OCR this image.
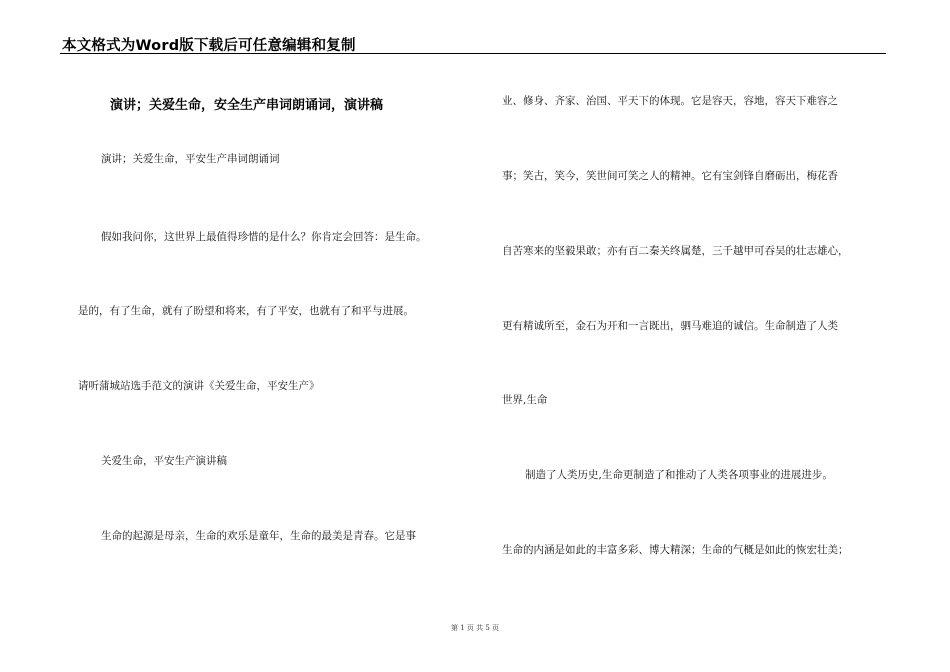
本文格式为Word版下载后可任意编辑和复制
演讲；关爱生命，安全生产串词朗诵词，演讲稿
演讲；关爱生命，平安生产串词朗诵词
假如我问你，这世界上最值得珍惜的是什么？你肯定会回答：是生命。
是的，有了生命，就有了盼望和将来，有了平安，也就有了和平与进展。
请听蒲城站选手范文的演讲《关爱生命，平安生产》
关爱生命，平安生产演讲稿
生命的起源是母亲，生命的欢乐是童年，生命的最美是青春。它是事
业、修身、齐家、治国、平天下的体现。它是容天，容地，容天下难容之
事；笑古，笑今，笑世间可笑之人的精神。它有宝剑锋自磨砺出，梅花香
自苦寒来的坚毅果敢；亦有百二秦关终属楚，三千越甲可吞吴的壮志雄心，
更有精诚所至，金石为开和一言既出，驷马难追的诚信。生命制造了人类
世界,生命
制造了人类历史,生命更制造了和推动了人类各项事业的进展进步。
生命的内涵是如此的丰富多彩、博大精深；生命的气概是如此的恢宏壮美；
第 1 页 共 5 页
